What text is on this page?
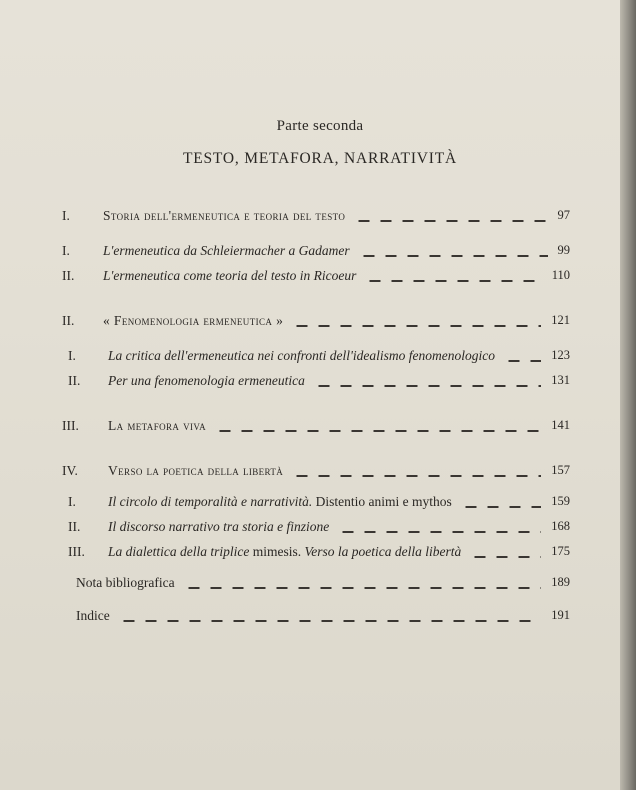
Parte seconda
TESTO, METAFORA, NARRATIVITÀ
I. Storia dell'ermeneutica e teoria del testo	97
I. L'ermeneutica da Schleiermacher a Gadamer	99
II. L'ermeneutica come teoria del testo in Ricoeur	110
II. « Fenomenologia ermeneutica »	121
I. La critica dell'ermeneutica nei confronti dell'idealismo fenomenologico	123
II. Per una fenomenologia ermeneutica	131
III. La metafora viva	141
IV. Verso la poetica della libertà	157
I. Il circolo di temporalità e narratività. Distentio animi e mythos	159
II. Il discorso narrativo tra storia e finzione	168
III. La dialettica della triplice mimesis. Verso la poetica della libertà	175
Nota bibliografica	189
Indice	191
